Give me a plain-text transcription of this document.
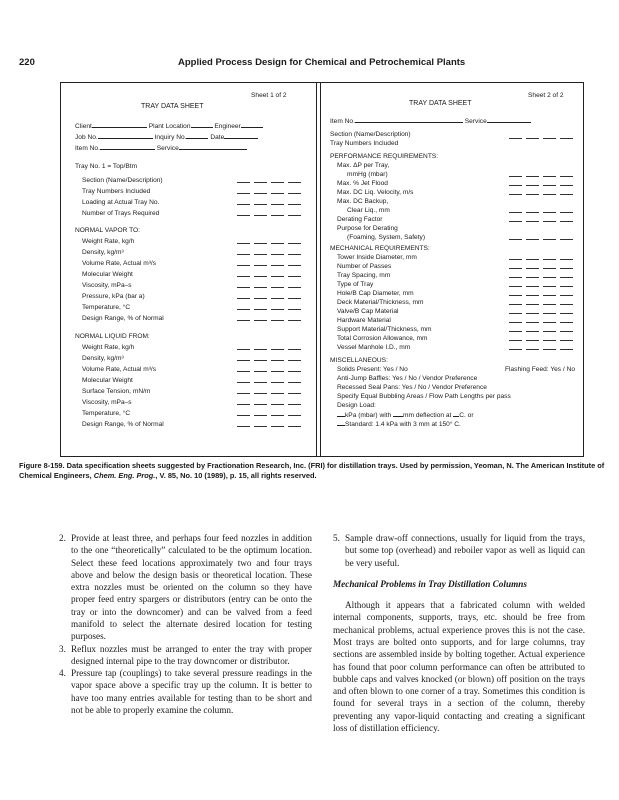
220	Applied Process Design for Chemical and Petrochemical Plants
Sheet 1 of 2
TRAY DATA SHEET
Client	Plant Location	Engineer
Job No.	Inquiry No.	Date
Item No.	Service
Tray No. 1 = Top/Btm
Section (Name/Description)
Tray Numbers Included
Loading at Actual Tray No.
Number of Trays Required
NORMAL VAPOR TO:
Weight Rate, kg/h
Density, kg/m³
Volume Rate, Actual m³/s
Molecular Weight
Viscosity, mPa–s
Pressure, kPa (bar a)
Temperature, °C
Design Range, % of Normal
NORMAL LIQUID FROM:
Weight Rate, kg/h
Density, kg/m³
Volume Rate, Actual m³/s
Molecular Weight
Surface Tension, mN/m
Viscosity, mPa–s
Temperature, °C
Design Range, % of Normal
Sheet 2 of 2
TRAY DATA SHEET
Item No.	Service
Section (Name/Description)
Tray Numbers Included
PERFORMANCE REQUIREMENTS:
Max. ΔP per Tray,
mmHg (mbar)
Max. % Jet Flood
Max. DC Liq. Velocity, m/s
Max. DC Backup,
Clear Liq., mm
Derating Factor
Purpose for Derating
(Foaming, System, Safety)
MECHANICAL REQUIREMENTS:
Tower Inside Diameter, mm
Number of Passes
Tray Spacing, mm
Type of Tray
Hole/B Cap Diameter, mm
Deck Material/Thickness, mm
Valve/B Cap Material
Hardware Material
Support Material/Thickness, mm
Total Corrosion Allowance, mm
Vessel Manhole I.D., mm
MISCELLANEOUS:
Solids Present: Yes / No	Flashing Feed: Yes / No
Anti-Jump Baffles: Yes / No / Vendor Preference
Recessed Seal Pans: Yes / No / Vendor Preference
Specify Equal Bubbling Areas / Flow Path Lengths per pass
Design Load:
kPa (mbar) with mm deflection at C. or
Standard: 1.4 kPa with 3 mm at 150° C.
Figure 8-159. Data specification sheets suggested by Fractionation Research, Inc. (FRI) for distillation trays. Used by permission, Yeoman, N. The American Institute of Chemical Engineers, Chem. Eng. Prog., V. 85, No. 10 (1989), p. 15, all rights reserved.

2. Provide at least three, and perhaps four feed nozzles in addition to the one “theoretically” calculated to be the optimum location. Select these feed locations approximately two and four trays above and below the design basis or theoretical location. These extra nozzles must be oriented on the column so they have proper feed entry spargers or distributors (entry can be onto the tray or into the downcomer) and can be valved from a feed manifold to select the alternate desired location for testing purposes.

3. Reflux nozzles must be arranged to enter the tray with proper designed internal pipe to the tray downcomer or distributor.

4. Pressure tap (couplings) to take several pressure readings in the vapor space above a specific tray up the column. It is better to have too many entries available for testing than to be short and not be able to properly examine the column.

5. Sample draw-off connections, usually for liquid from the trays, but some top (overhead) and reboiler vapor as well as liquid can be very useful.

Mechanical Problems in Tray Distillation Columns

Although it appears that a fabricated column with welded internal components, supports, trays, etc. should be free from mechanical problems, actual experience proves this is not the case. Most trays are bolted onto supports, and for large columns, tray sections are assembled inside by bolting together. Actual experience has found that poor column performance can often be attributed to bubble caps and valves knocked (or blown) off position on the trays and often blown to one corner of a tray. Sometimes this condition is found for several trays in a section of the column, thereby preventing any vapor-liquid contacting and creating a significant loss of distillation efficiency.
